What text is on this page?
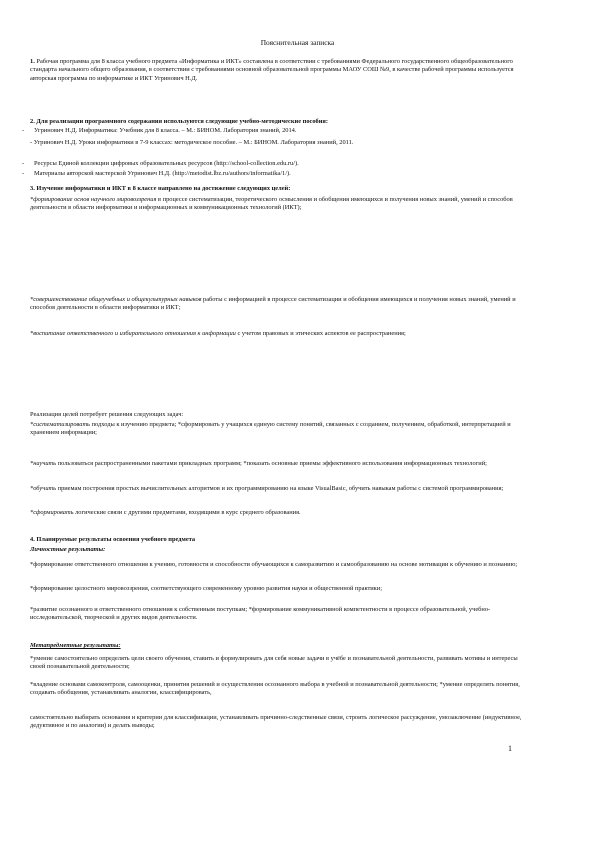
Пояснительная записка
1. Рабочая программа для 8 класса учебного предмета «Информатика и ИКТ» составлена в соответствии с требованиями Федерального государственного общеобразовательного стандарта начального общего образования, в соответствии с требованиями основной образовательной программы МАОУ СОШ №9, в качестве рабочей программы используется авторская программа по информатике и ИКТ Угринович Н.Д.
2. Для реализации программного содержания используются следующие учебно-методические пособия:
- Угринович Н.Д. Информатика: Учебник для 8 класса. – М.: БИНОМ. Лаборатория знаний, 2014.
- Угринович Н.Д. Уроки информатики в 7-9 классах: методическое пособие. – М.: БИНОМ. Лаборатория знаний, 2011.
- Ресурсы Единой коллекции цифровых образовательных ресурсов (http://school-collection.edu.ru/).
- Материалы авторской мастерской Угринович Н.Д. (http://metodist.lbz.ru/authors/informatika/1/).
3. Изучение информатики и ИКТ в 8 классе направлено на достижение следующих целей:
*формирование основ научного мировоззрения в процессе систематизации, теоретического осмысления и обобщения имеющихся и получения новых знаний, умений и способов деятельности в области информатики и информационных и коммуникационных технологий (ИКТ);
*совершенствование общеучебных и общекультурных навыков работы с информацией в процессе систематизации и обобщения имеющихся и получения новых знаний, умений и способов деятельности в области информатики и ИКТ;
*воспитание ответственного и избирательного отношения к информации с учетом правовых и этических аспектов ее распространения;
Реализация целей потребует решения следующих задач:
*систематизировать подходы к изучению предмета; *сформировать у учащихся единую систему понятий, связанных с созданием, получением, обработкой, интерпретацией и хранением информации;
*научить пользоваться распространенными пакетами прикладных программ; *показать основные приемы эффективного использования информационных технологий;
*обучить приемам построения простых вычислительных алгоритмов и их программированию на языке VisualBasic, обучить навыкам работы с системой программирования;
*сформировать логические связи с другими предметами, входящими в курс среднего образования.
4. Планируемые результаты освоения учебного предмета
Личностные результаты:
*формирование ответственного отношения к учению, готовности и способности обучающихся к саморазвитию и самообразованию на основе мотивации к обучению и познанию;
*формирование целостного мировоззрения, соответствующего современному уровню развития науки и общественной практики;
*развитие осознанного и ответственного отношения к собственным поступкам; *формирование коммуникативной компетентности в процессе образовательной, учебно-исследовательской, творческой и других видов деятельности.
Метапредметные результаты:
*умение самостоятельно определять цели своего обучения, ставить и формулировать для себя новые задачи в учёбе и познавательной деятельности, развивать мотивы и интересы своей познавательной деятельности;
*владение основами самоконтроля, самооценки, принятия решений и осуществления осознанного выбора в учебной и познавательной деятельности; *умение определять понятия, создавать обобщения, устанавливать аналогии, классифицировать,
самостоятельно выбирать основания и критерии для классификации, устанавливать причинно-следственные связи, строить логическое рассуждение, умозаключение (индуктивное, дедуктивное и по аналогии) и делать выводы;
1
